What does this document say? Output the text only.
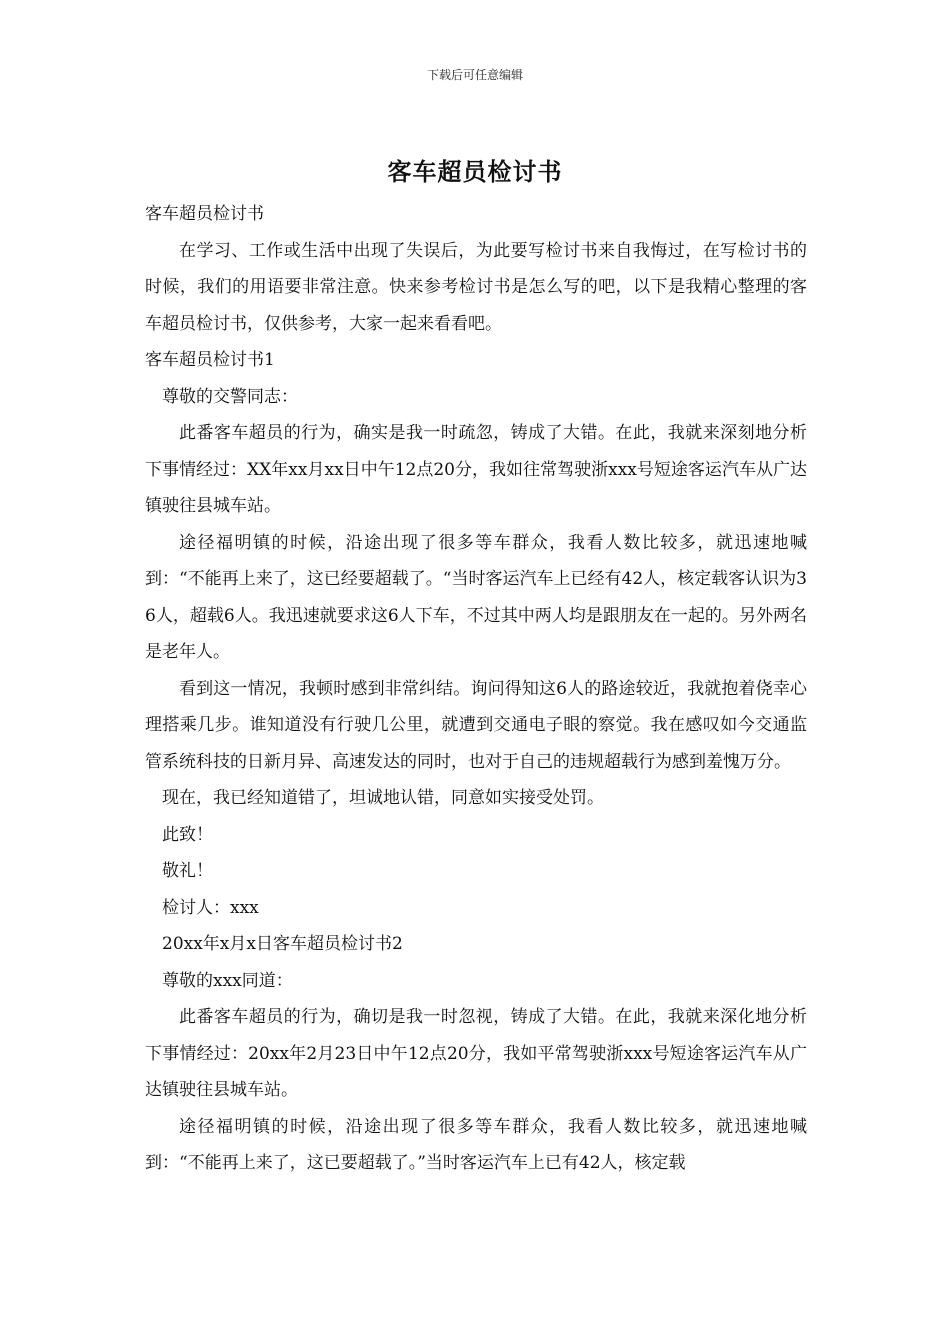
下载后可任意编辑
客车超员检讨书

客车超员检讨书

在学习、工作或生活中出现了失误后，为此要写检讨书来自我悔过，在写检讨书的时候，我们的用语要非常注意。快来参考检讨书是怎么写的吧，以下是我精心整理的客车超员检讨书，仅供参考，大家一起来看看吧。

客车超员检讨书1

尊敬的交警同志：

此番客车超员的行为，确实是我一时疏忽，铸成了大错。在此，我就来深刻地分析下事情经过：XX年xx月xx日中午12点20分，我如往常驾驶浙xxx号短途客运汽车从广达镇驶往县城车站。

途径福明镇的时候，沿途出现了很多等车群众，我看人数比较多，就迅速地喊到：“不能再上来了，这已经要超载了。“当时客运汽车上已经有42人，核定载客认识为36人，超载6人。我迅速就要求这6人下车，不过其中两人均是跟朋友在一起的。另外两名是老年人。

看到这一情况，我顿时感到非常纠结。询问得知这6人的路途较近，我就抱着侥幸心理搭乘几步。谁知道没有行驶几公里，就遭到交通电子眼的察觉。我在感叹如今交通监管系统科技的日新月异、高速发达的同时，也对于自己的违规超载行为感到羞愧万分。

现在，我已经知道错了，坦诚地认错，同意如实接受处罚。

此致！

敬礼！

检讨人：xxx

20xx年x月x日客车超员检讨书2

尊敬的xxx同道：

此番客车超员的行为，确切是我一时忽视，铸成了大错。在此，我就来深化地分析下事情经过：20xx年2月23日中午12点20分，我如平常驾驶浙xxx号短途客运汽车从广达镇驶往县城车站。

途径福明镇的时候，沿途出现了很多等车群众，我看人数比较多，就迅速地喊到：“不能再上来了，这已要超载了。”当时客运汽车上已有42人，核定载
